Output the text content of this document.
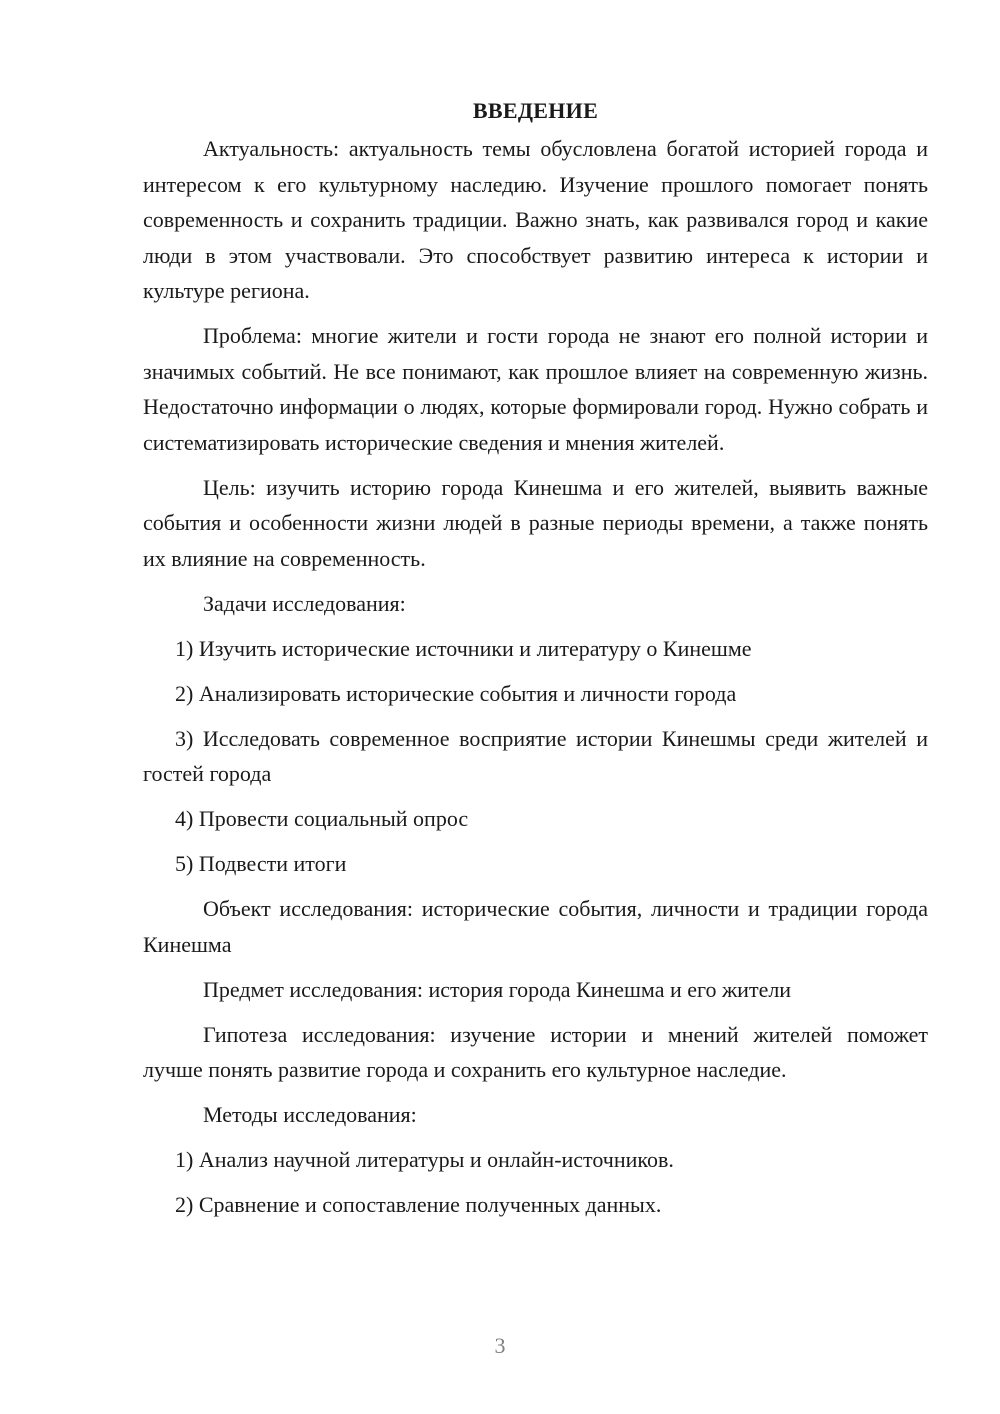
ВВЕДЕНИЕ

Актуальность: актуальность темы обусловлена богатой историей города и интересом к его культурному наследию. Изучение прошлого помогает понять современность и сохранить традиции. Важно знать, как развивался город и какие люди в этом участвовали. Это способствует развитию интереса к истории и культуре региона.

Проблема: многие жители и гости города не знают его полной истории и значимых событий. Не все понимают, как прошлое влияет на современную жизнь. Недостаточно информации о людях, которые формировали город. Нужно собрать и систематизировать исторические сведения и мнения жителей.

Цель: изучить историю города Кинешма и его жителей, выявить важные события и особенности жизни людей в разные периоды времени, а также понять их влияние на современность.

Задачи исследования:

1) Изучить исторические источники и литературу о Кинешме

2) Анализировать исторические события и личности города

3) Исследовать современное восприятие истории Кинешмы среди жителей и гостей города

4) Провести социальный опрос

5) Подвести итоги

Объект исследования: исторические события, личности и традиции города Кинешма

Предмет исследования: история города Кинешма и его жители

Гипотеза исследования: изучение истории и мнений жителей поможет лучше понять развитие города и сохранить его культурное наследие.

Методы исследования:

1) Анализ научной литературы и онлайн-источников.

2) Сравнение и сопоставление полученных данных.

3
